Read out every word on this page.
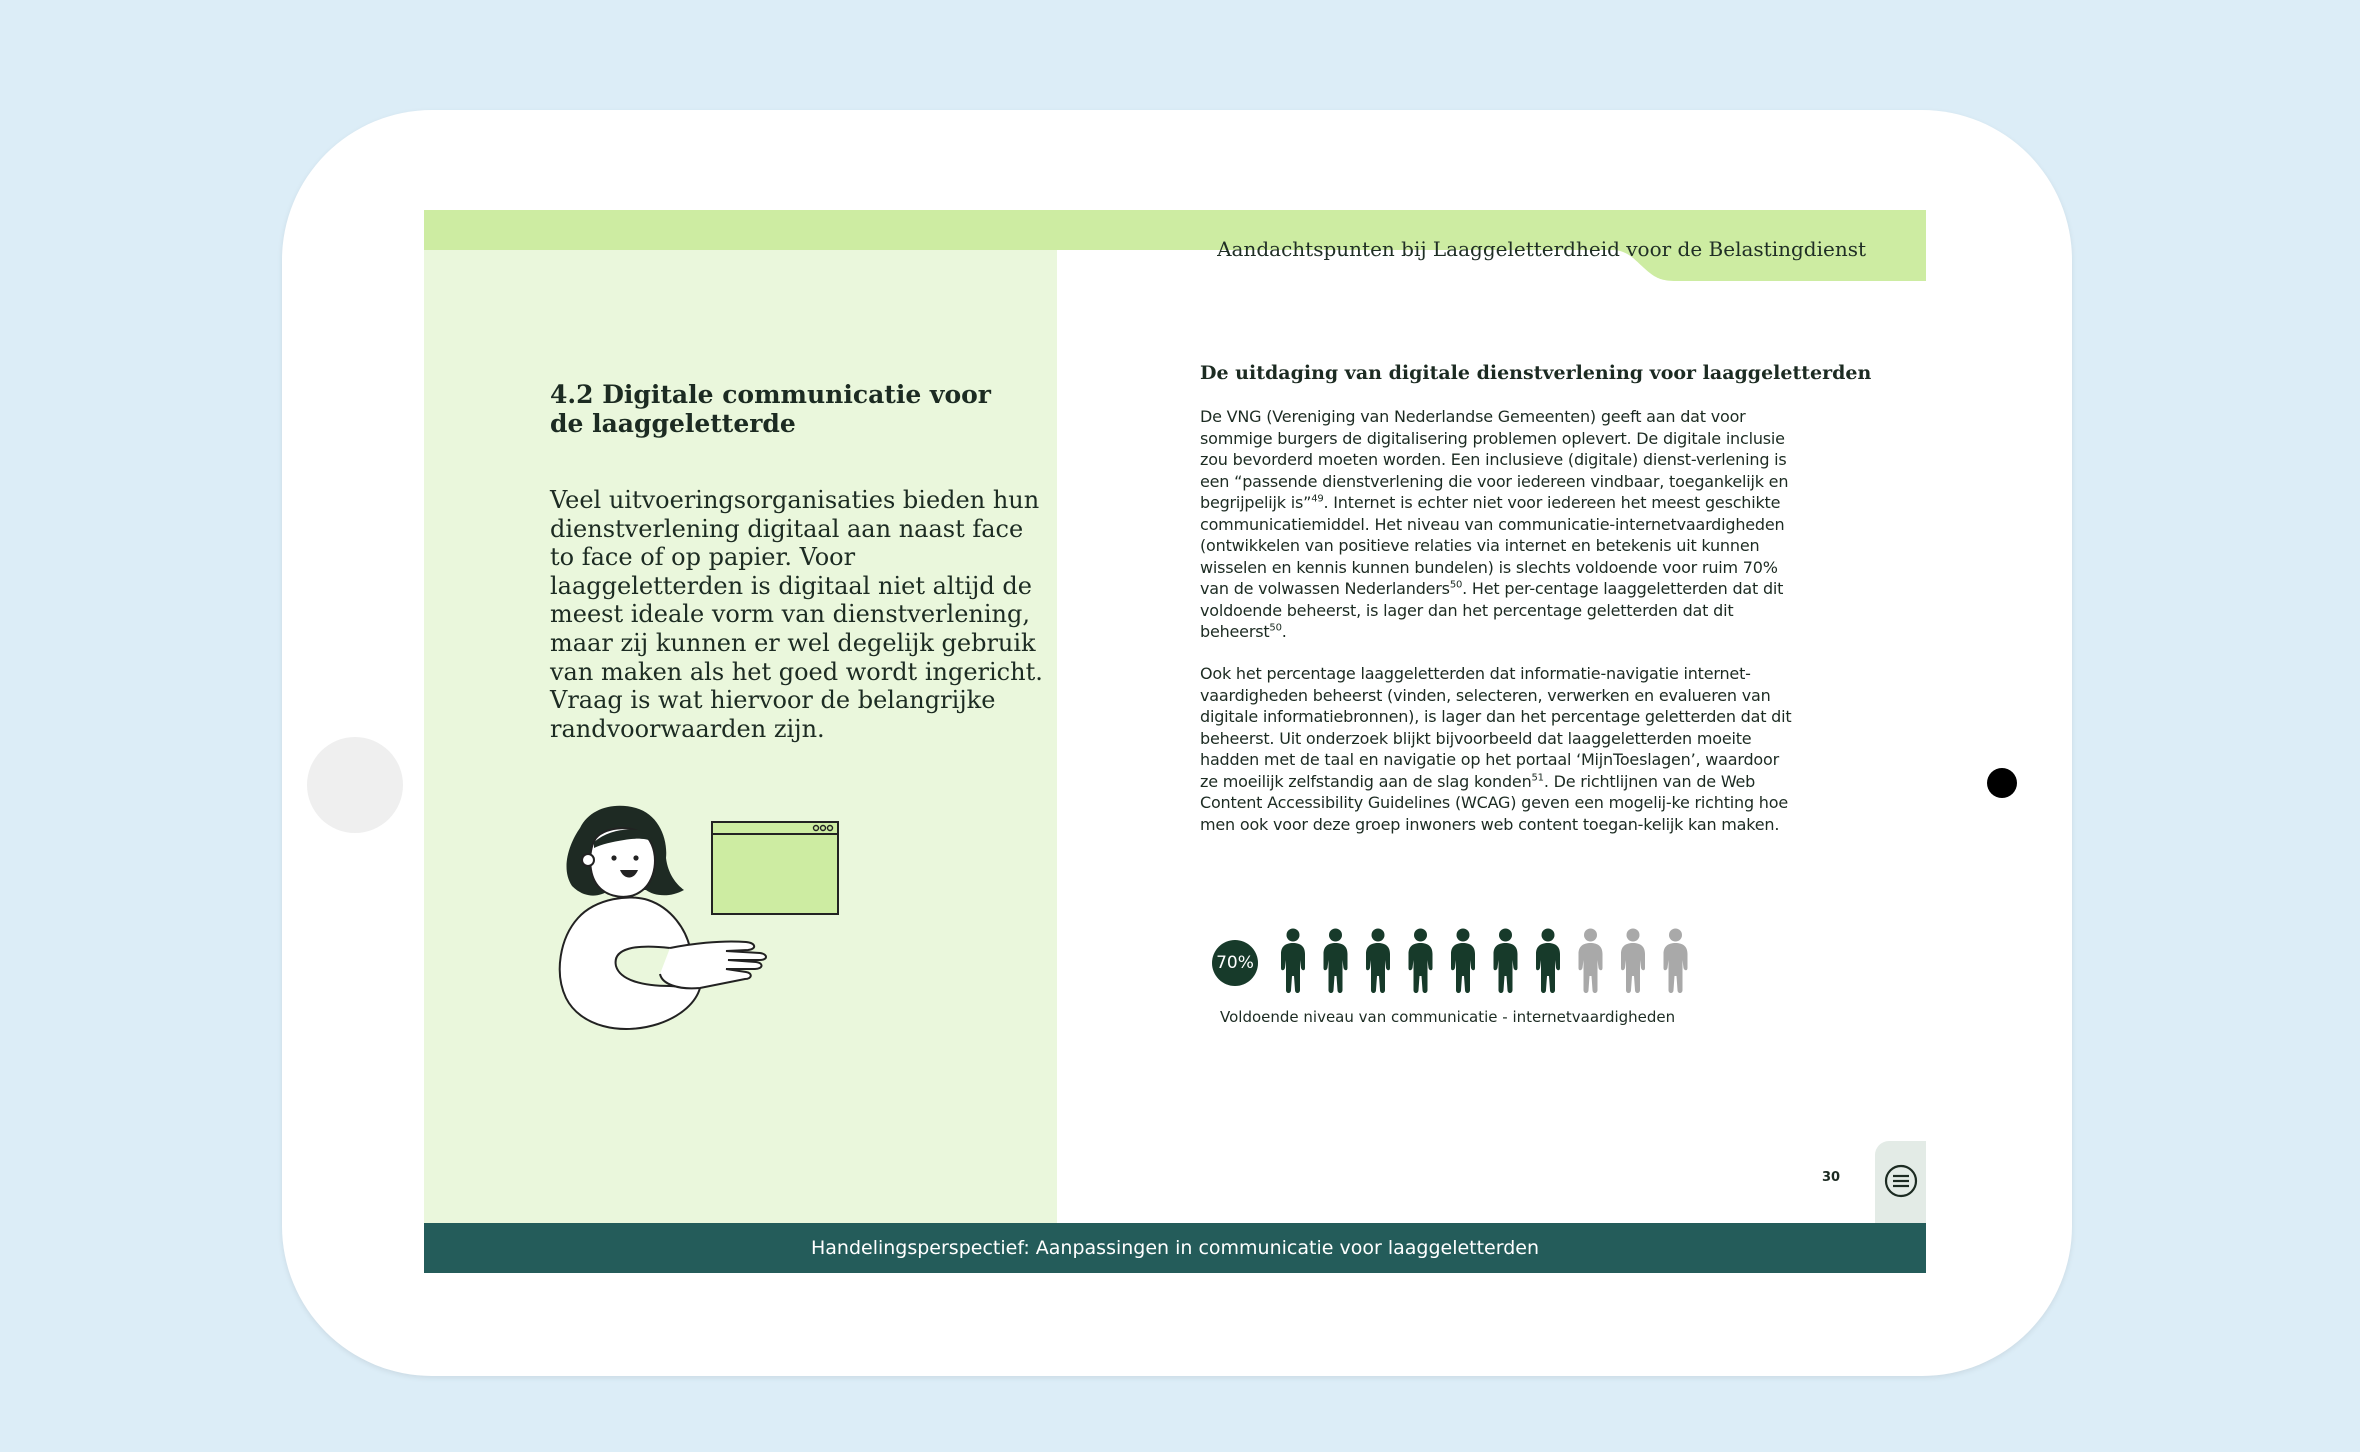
Aandachtspunten bij Laaggeletterdheid voor de Belastingdienst
4.2 Digitale communicatie voor de laaggeletterde

Veel uitvoeringsorganisaties bieden hun dienstverlening digitaal aan naast face to face of op papier. Voor laaggeletterden is digitaal niet altijd de meest ideale vorm van dienstverlening, maar zij kunnen er wel degelijk gebruik van maken als het goed wordt ingericht. Vraag is wat hiervoor de belangrijke randvoorwaarden zijn.

De uitdaging van digitale dienstverlening voor laaggeletterden

De VNG (Vereniging van Nederlandse Gemeenten) geeft aan dat voor sommige burgers de digitalisering problemen oplevert. De digitale inclusie zou bevorderd moeten worden. Een inclusieve (digitale) dienst-verlening is een “passende dienstverlening die voor iedereen vindbaar, toegankelijk en begrijpelijk is”$^{49}$. Internet is echter niet voor iedereen het meest geschikte communicatiemiddel. Het niveau van communicatie-internetvaardigheden (ontwikkelen van positieve relaties via internet en betekenis uit kunnen wisselen en kennis kunnen bundelen) is slechts voldoende voor ruim 70% van de volwassen Nederlanders$^{50}$. Het per-centage laaggeletterden dat dit voldoende beheerst, is lager dan het percentage geletterden dat dit beheerst$^{50}$.

Ook het percentage laaggeletterden dat informatie-navigatie internet-vaardigheden beheerst (vinden, selecteren, verwerken en evalueren van digitale informatiebronnen), is lager dan het percentage geletterden dat dit beheerst. Uit onderzoek blijkt bijvoorbeeld dat laaggeletterden moeite hadden met de taal en navigatie op het portaal ‘MijnToeslagen’, waardoor ze moeilijk zelfstandig aan de slag konden$^{51}$. De richtlijnen van de Web Content Accessibility Guidelines (WCAG) geven een mogelij-ke richting hoe men ook voor deze groep inwoners web content toegan-kelijk kan maken.

70%
Voldoende niveau van communicatie - internetvaardigheden
30
Handelingsperspectief: Aanpassingen in communicatie voor laaggeletterden
